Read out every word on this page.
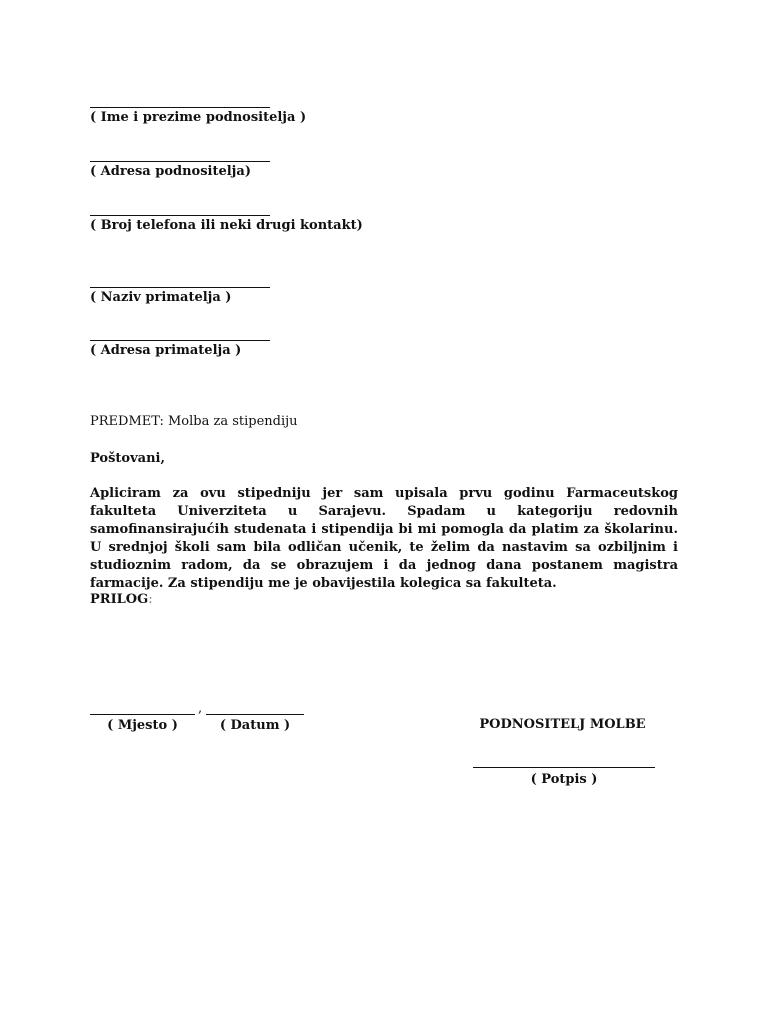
( Ime i prezime podnositelja )
( Adresa podnositelja)
( Broj telefona ili neki drugi kontakt)
( Naziv primatelja )
( Adresa primatelja )
PREDMET: Molba za stipendiju
Poštovani,
Apliciram za ovu stipedniju jer sam upisala prvu godinu Farmaceutskog fakulteta Univerziteta u Sarajevu. Spadam u kategoriju redovnih samofinansirajućih studenata i stipendija bi mi pomogla da platim za školarinu. U srednjoj školi sam bila odličan učenik, te želim da nastavim sa ozbiljnim i studioznim radom, da se obrazujem i da jednog dana postanem magistra farmacije. Za stipendiju me je obavijestila kolegica sa fakulteta.
PRILOG:
,
( Mjesto )	( Datum )	PODNOSITELJ MOLBE
( Potpis )
